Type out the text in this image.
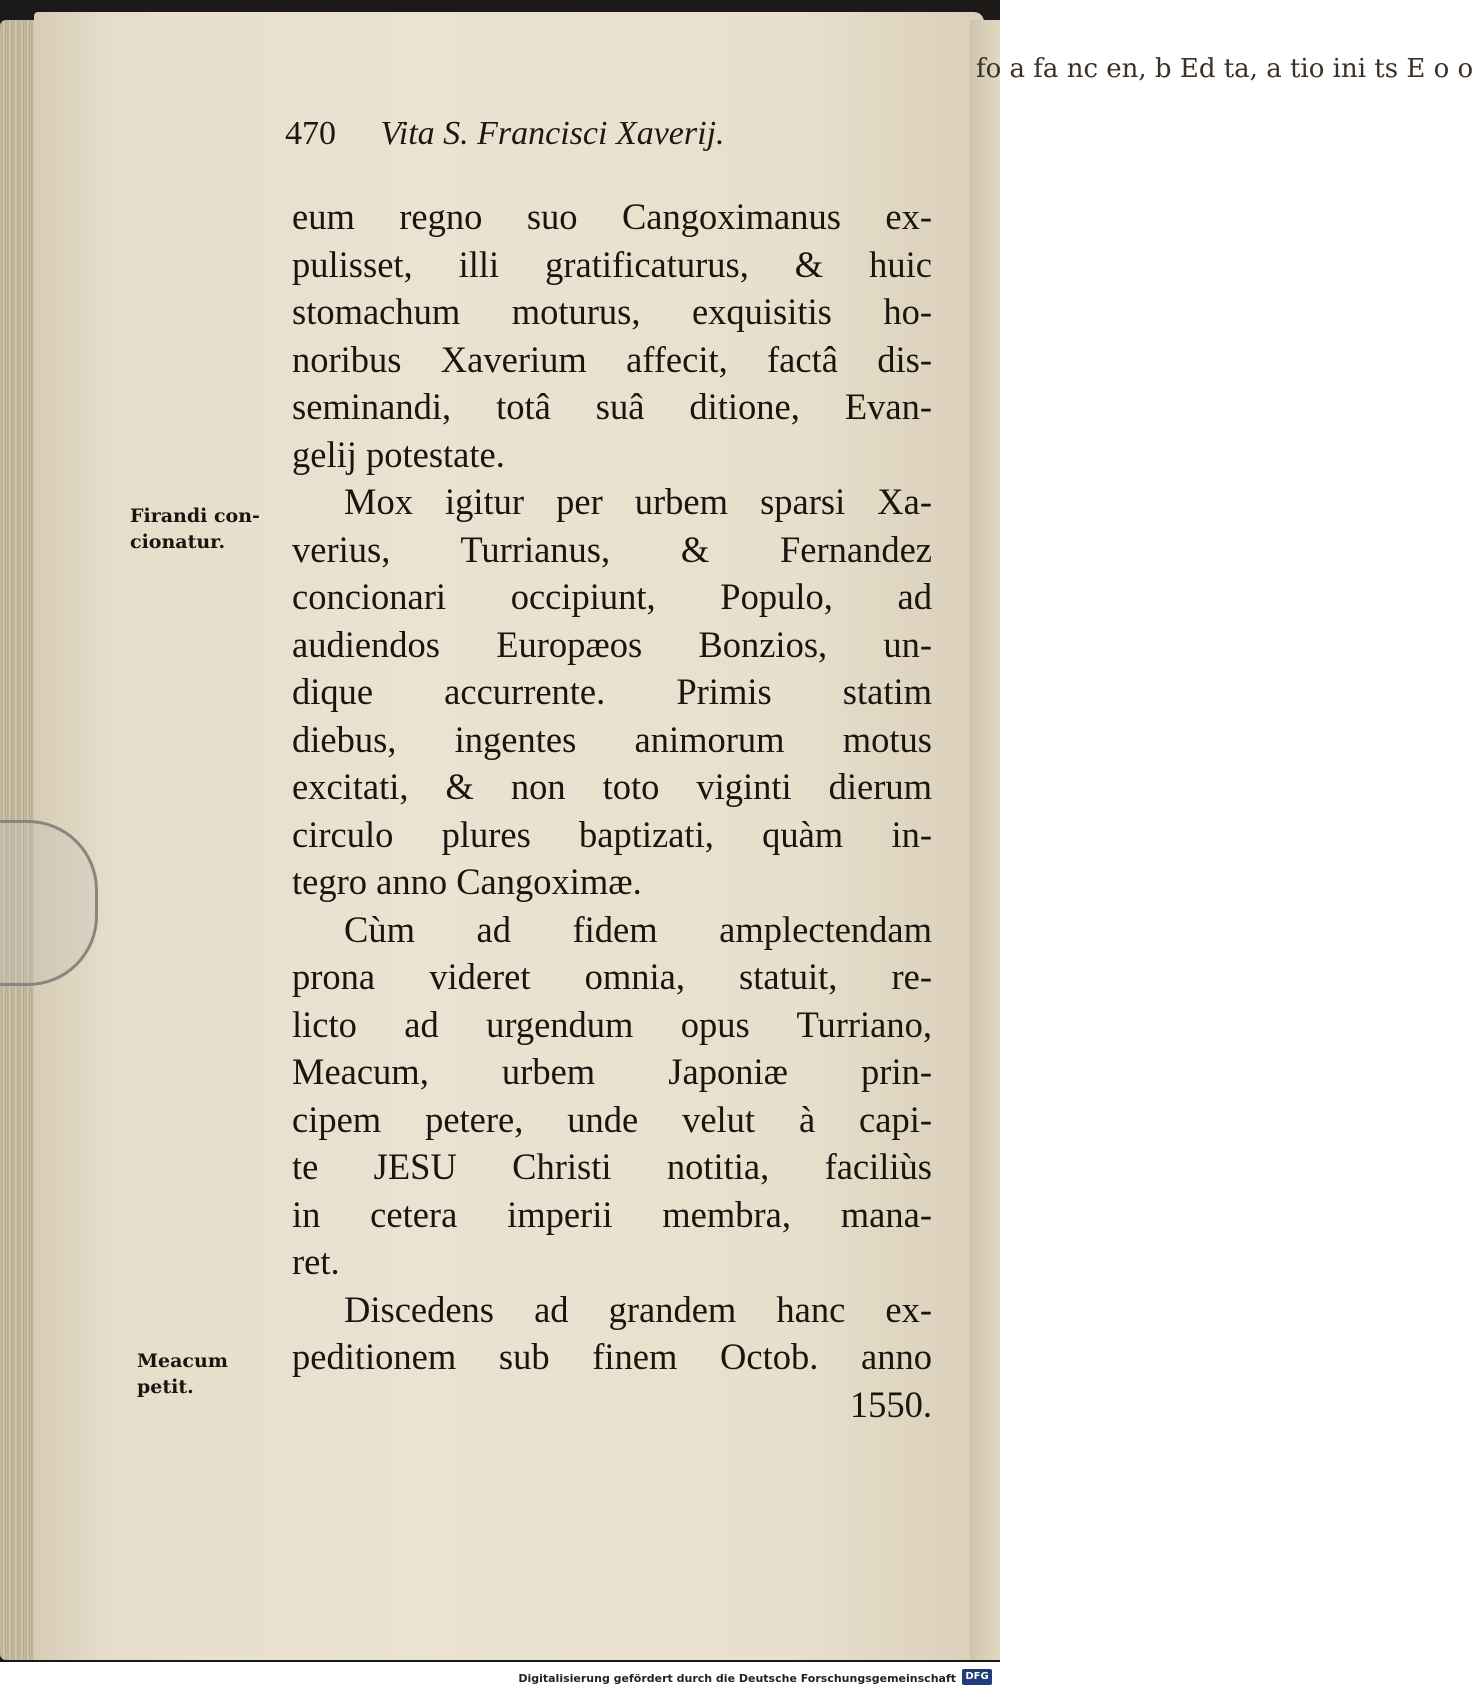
fo a fa nc en, b Ed ta, a tio ini ts E o o
470 Vita S. Francisci Xaverij.
Firandi con-
cionatur.
Meacum
petit.
eum regno suo Cangoximanus ex-
pulisset, illi gratificaturus, & huic
stomachum moturus, exquisitis ho-
noribus Xaverium affecit, factâ dis-
seminandi, totâ suâ ditione, Evan-
gelij potestate.
Mox igitur per urbem sparsi Xa-
verius, Turrianus, & Fernandez
concionari occipiunt, Populo, ad
audiendos Europæos Bonzios, un-
dique accurrente. Primis statim
diebus, ingentes animorum motus
excitati, & non toto viginti dierum
circulo plures baptizati, quàm in-
tegro anno Cangoximæ.
Cùm ad fidem amplectendam
prona videret omnia, statuit, re-
licto ad urgendum opus Turriano,
Meacum, urbem Japoniæ prin-
cipem petere, unde velut à capi-
te JESU Christi notitia, faciliùs
in cetera imperii membra, mana-
ret.
Discedens ad grandem hanc ex-
peditionem sub finem Octob. anno
1550.
Digitalisierung gefördert durch die Deutsche Forschungsgemeinschaft DFG
